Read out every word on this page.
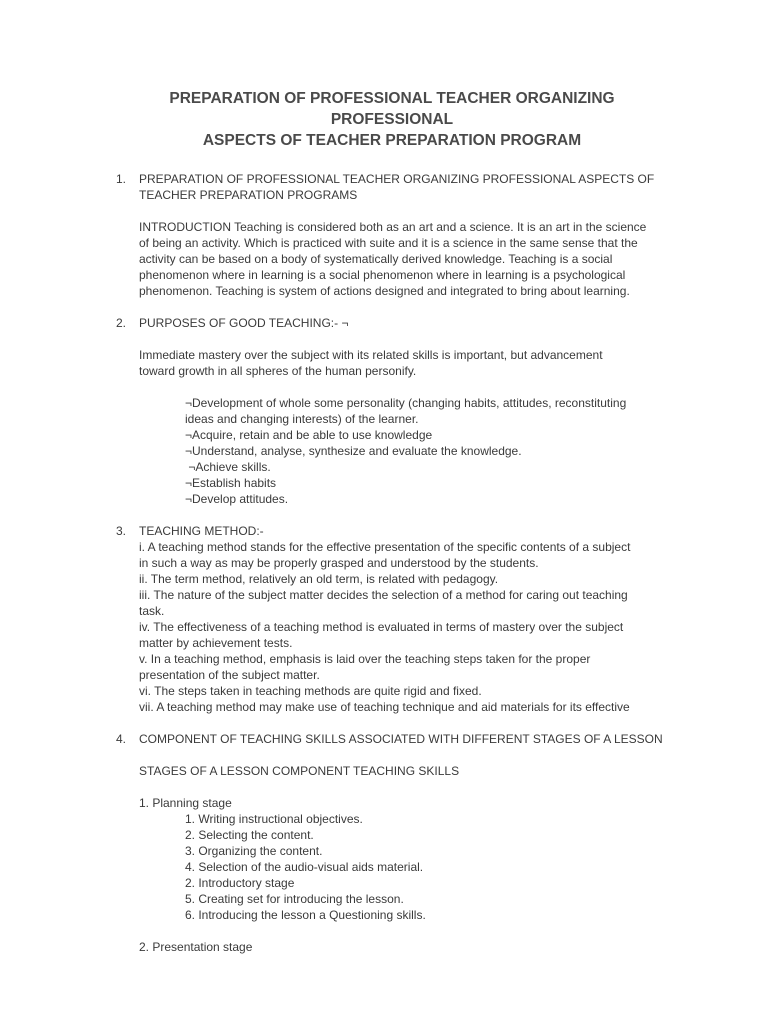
PREPARATION OF PROFESSIONAL TEACHER ORGANIZING PROFESSIONAL
ASPECTS OF TEACHER PREPARATION PROGRAM
1. PREPARATION OF PROFESSIONAL TEACHER ORGANIZING PROFESSIONAL ASPECTS OF

TEACHER PREPARATION PROGRAMS

INTRODUCTION Teaching is considered both as an art and a science. It is an art in the science

of being an activity. Which is practiced with suite and it is a science in the same sense that the

activity can be based on a body of systematically derived knowledge. Teaching is a social

phenomenon where in learning is a social phenomenon where in learning is a psychological

phenomenon. Teaching is system of actions designed and integrated to bring about learning.

2. PURPOSES OF GOOD TEACHING:- ¬

Immediate mastery over the subject with its related skills is important, but advancement

toward growth in all spheres of the human personify.

¬Development of whole some personality (changing habits, attitudes, reconstituting

ideas and changing interests) of the learner.

¬Acquire, retain and be able to use knowledge

¬Understand, analyse, synthesize and evaluate the knowledge.

¬Achieve skills.

¬Establish habits

¬Develop attitudes.

3. TEACHING METHOD:-

i. A teaching method stands for the effective presentation of the specific contents of a subject

in such a way as may be properly grasped and understood by the students.

ii. The term method, relatively an old term, is related with pedagogy.

iii. The nature of the subject matter decides the selection of a method for caring out teaching

task.

iv. The effectiveness of a teaching method is evaluated in terms of mastery over the subject

matter by achievement tests.

v. In a teaching method, emphasis is laid over the teaching steps taken for the proper

presentation of the subject matter.

vi. The steps taken in teaching methods are quite rigid and fixed.

vii. A teaching method may make use of teaching technique and aid materials for its effective

4. COMPONENT OF TEACHING SKILLS ASSOCIATED WITH DIFFERENT STAGES OF A LESSON

STAGES OF A LESSON COMPONENT TEACHING SKILLS

1. Planning stage

1. Writing instructional objectives.

2. Selecting the content.

3. Organizing the content.

4. Selection of the audio-visual aids material.

2. Introductory stage

5. Creating set for introducing the lesson.

6. Introducing the lesson a Questioning skills.

2. Presentation stage
